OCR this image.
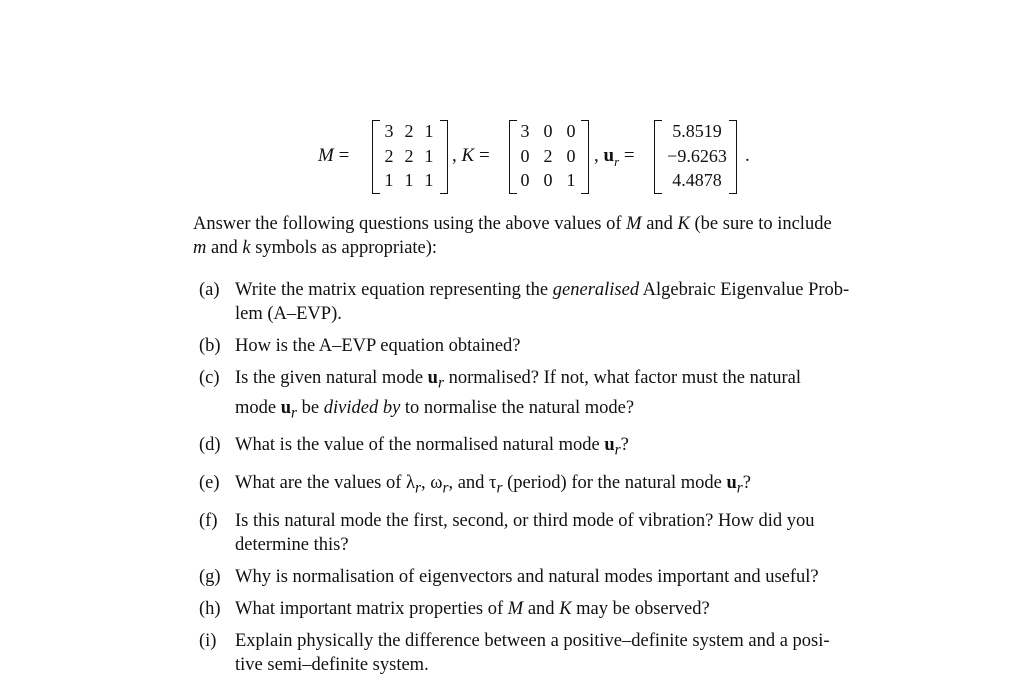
M =
3 2 1
2 2 1
1 1 1
, K =
3 0 0
0 2 0
0 0 1
, $u_r$ =
5.8519
−9.6263
4.4878
.
Answer the following questions using the above values of M and K (be sure to include
m and k symbols as appropriate):
(a) Write the matrix equation representing the generalised Algebraic Eigenvalue Prob-
lem (A–EVP).
(b) How is the A–EVP equation obtained?
(c) Is the given natural mode $u_r$ normalised? If not, what factor must the natural
mode $u_r$ be divided by to normalise the natural mode?
(d) What is the value of the normalised natural mode $u_r$?
(e) What are the values of $\lambda_r$, $\omega_r$, and $\tau_r$ (period) for the natural mode $u_r$?
(f) Is this natural mode the first, second, or third mode of vibration? How did you
determine this?
(g) Why is normalisation of eigenvectors and natural modes important and useful?
(h) What important matrix properties of M and K may be observed?
(i) Explain physically the difference between a positive–definite system and a posi-
tive semi–definite system.
